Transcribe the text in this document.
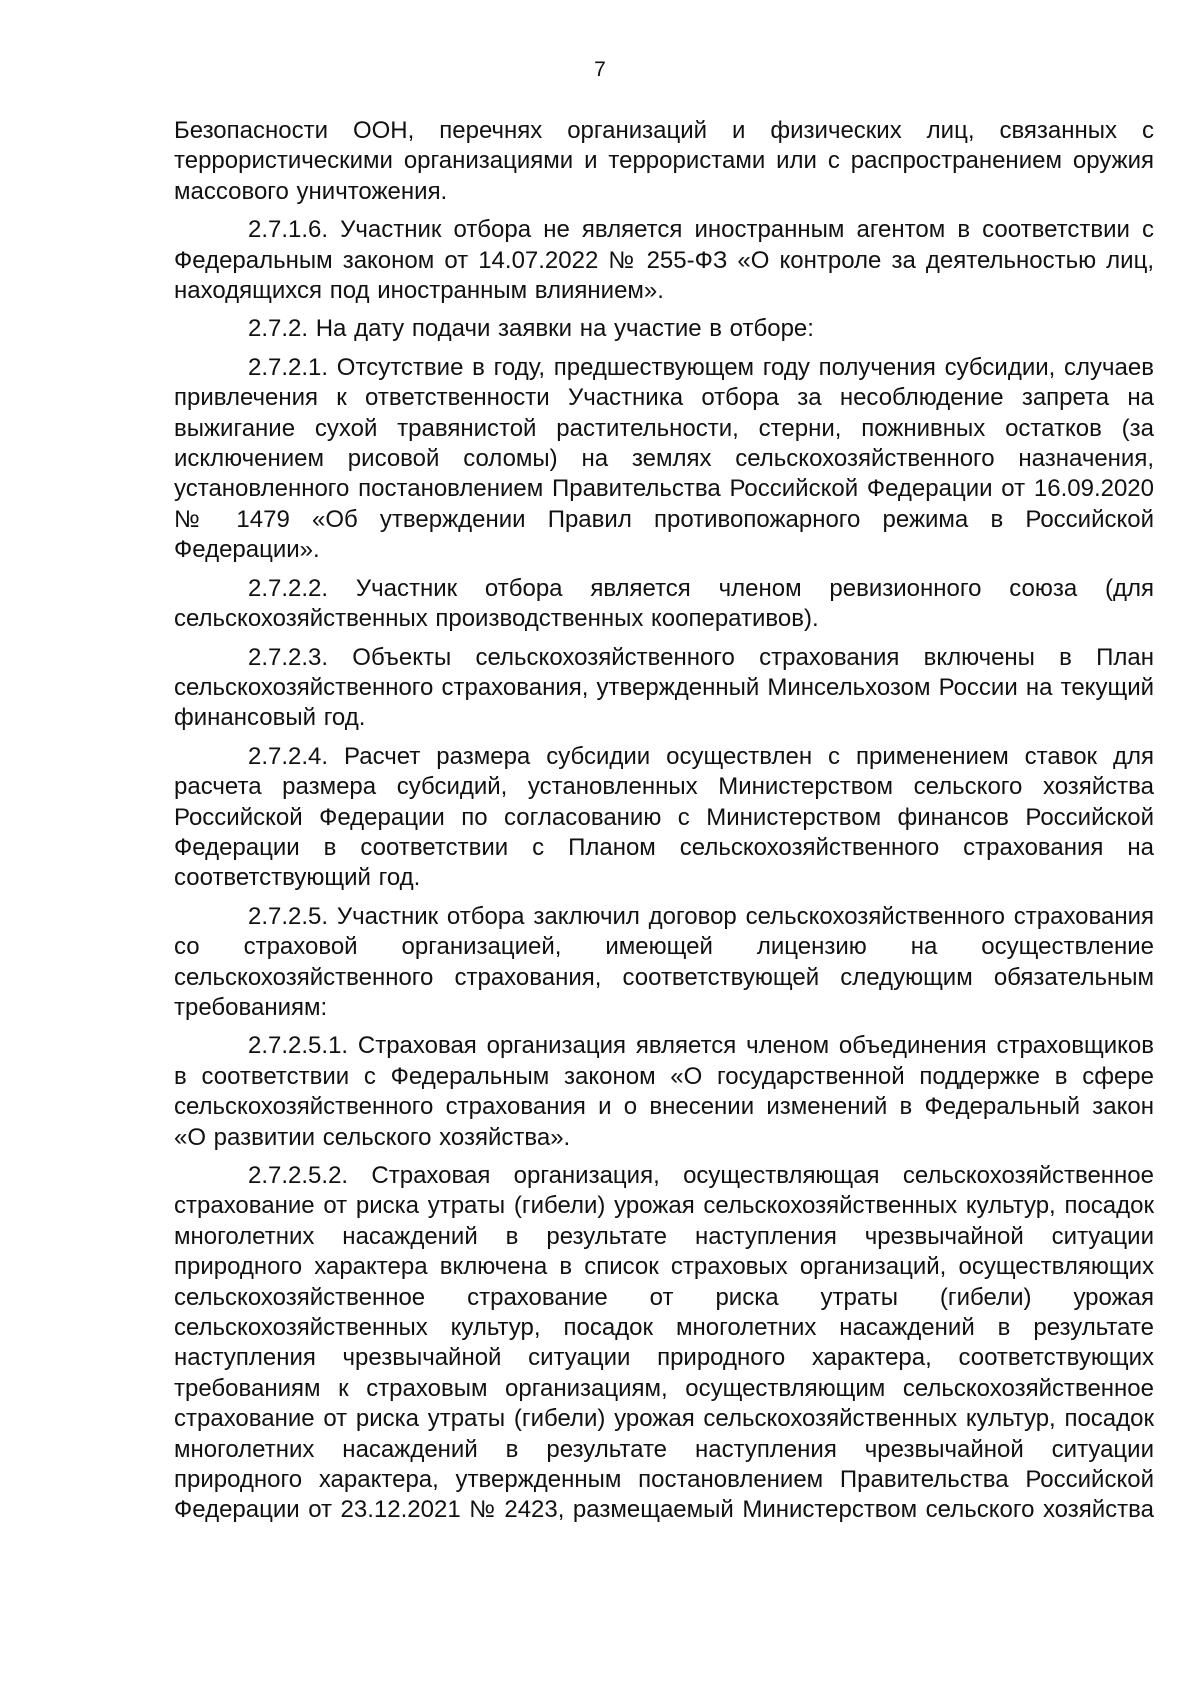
7

Безопасности ООН, перечнях организаций и физических лиц, связанных с террористическими организациями и террористами или с распространением оружия массового уничтожения.

2.7.1.6. Участник отбора не является иностранным агентом в соответствии с Федеральным законом от 14.07.2022 № 255-ФЗ «О контроле за деятельностью лиц, находящихся под иностранным влиянием».

2.7.2. На дату подачи заявки на участие в отборе:

2.7.2.1. Отсутствие в году, предшествующем году получения субсидии, случаев привлечения к ответственности Участника отбора за несоблюдение запрета на выжигание сухой травянистой растительности, стерни, пожнивных остатков (за исключением рисовой соломы) на землях сельскохозяйственного назначения, установленного постановлением Правительства Российской Федерации от 16.09.2020 № 1479 «Об утверждении Правил противопожарного режима в Российской Федерации».

2.7.2.2. Участник отбора является членом ревизионного союза (для сельскохозяйственных производственных кооперативов).

2.7.2.3. Объекты сельскохозяйственного страхования включены в План сельскохозяйственного страхования, утвержденный Минсельхозом России на текущий финансовый год.

2.7.2.4. Расчет размера субсидии осуществлен с применением ставок для расчета размера субсидий, установленных Министерством сельского хозяйства Российской Федерации по согласованию с Министерством финансов Российской Федерации в соответствии с Планом сельскохозяйственного страхования на соответствующий год.

2.7.2.5. Участник отбора заключил договор сельскохозяйственного страхования со страховой организацией, имеющей лицензию на осуществление сельскохозяйственного страхования, соответствующей следующим обязательным требованиям:

2.7.2.5.1. Страховая организация является членом объединения страховщиков в соответствии с Федеральным законом «О государственной поддержке в сфере сельскохозяйственного страхования и о внесении изменений в Федеральный закон «О развитии сельского хозяйства».

2.7.2.5.2. Страховая организация, осуществляющая сельскохозяйственное страхование от риска утраты (гибели) урожая сельскохозяйственных культур, посадок многолетних насаждений в результате наступления чрезвычайной ситуации природного характера включена в список страховых организаций, осуществляющих сельскохозяйственное страхование от риска утраты (гибели) урожая сельскохозяйственных культур, посадок многолетних насаждений в результате наступления чрезвычайной ситуации природного характера, соответствующих требованиям к страховым организациям, осуществляющим сельскохозяйственное страхование от риска утраты (гибели) урожая сельскохозяйственных культур, посадок многолетних насаждений в результате наступления чрезвычайной ситуации природного характера, утвержденным постановлением Правительства Российской Федерации от 23.12.2021 № 2423, размещаемый Министерством сельского хозяйства
